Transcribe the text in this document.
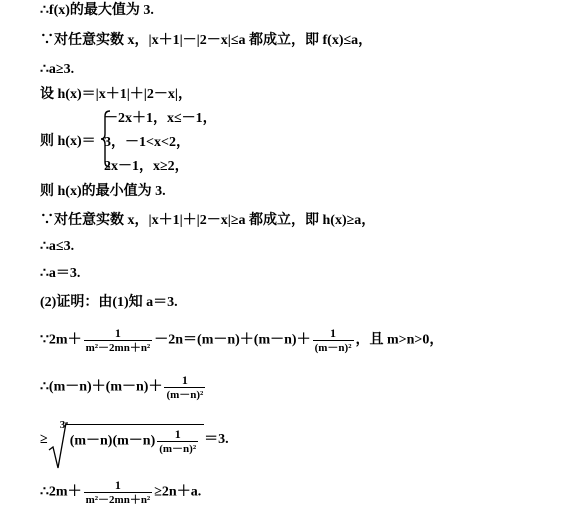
∴f(x)的最大值为 3.
∵对任意实数 x，|x＋1|－|2－x|≤a 都成立，即 f(x)≤a，
∴a≥3.
设 h(x)＝|x＋1|＋|2－x|，
则 h(x)＝
－2x＋1，x≤－1，
3，－1<x<2，
2x－1，x≥2，
则 h(x)的最小值为 3.
∵对任意实数 x，|x＋1|＋|2－x|≥a 都成立，即 h(x)≥a，
∴a≤3.
∴a＝3.
(2)证明：由(1)知 a＝3.
∵2m＋ $\frac{1}{\text{m²－2mn＋n²}} -2n=(m-n)+(m-n)+ \frac{1}{\text{(m－n)²}}$ ，且 m>n>0，
∴(m－n)＋(m－n)＋ $\frac{1}{\text{(m－n)²}}$
≥
3
$(m-n)(m-n) \frac{1}{\text{(m－n)²}} =3$.
∴2m＋ $\frac{1}{\text{m²－2mn＋n²}} \ge 2n+a$.
